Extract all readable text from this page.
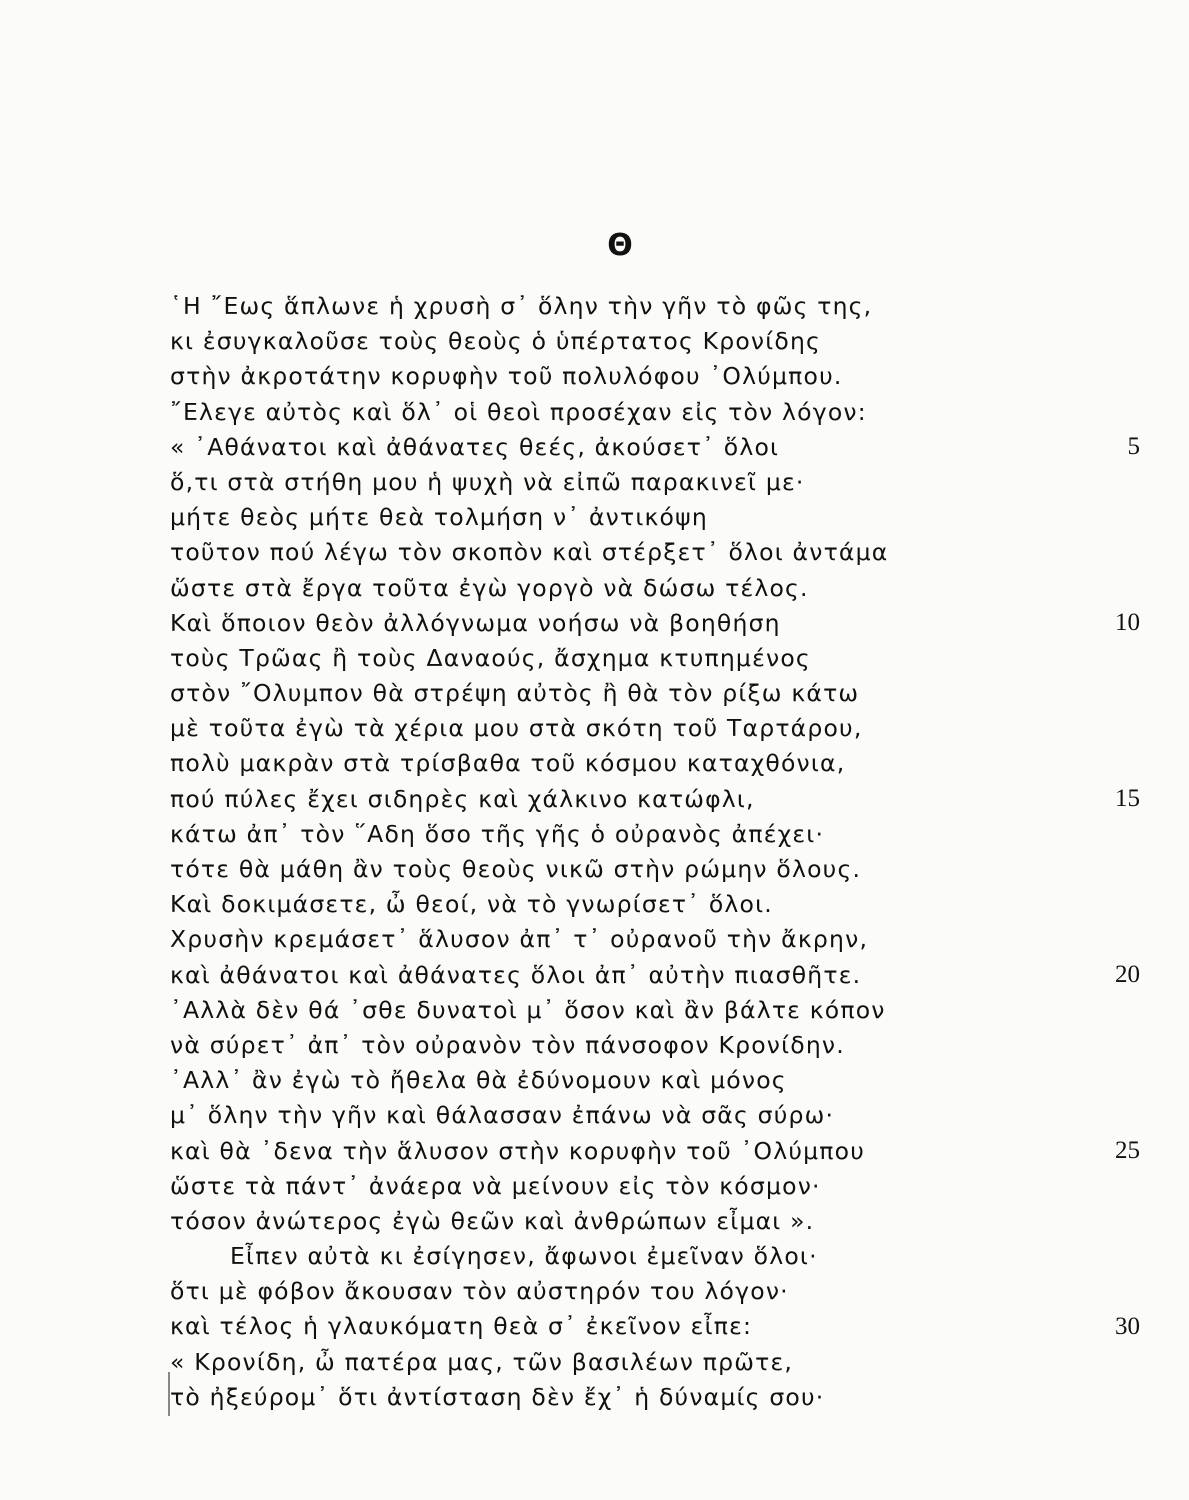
Θ
῾Η ῎Εως ἅπλωνε ἡ χρυσὴ σ᾽ ὅλην τὴν γῆν τὸ φῶς της,
κι ἐσυγκαλοῦσε τοὺς θεοὺς ὁ ὑπέρτατος Κρονίδης
στὴν ἀκροτάτην κορυφὴν τοῦ πολυλόφου ᾿Ολύμπου.
῎Ελεγε αὐτὸς καὶ ὅλ᾽ οἱ θεοὶ προσέχαν εἰς τὸν λόγον:
« ᾿Αθάνατοι καὶ ἀθάνατες θεές, ἀκούσετ᾽ ὅλοι
ὅ,τι στὰ στήθη μου ἡ ψυχὴ νὰ εἰπῶ παρακινεῖ με·
μήτε θεὸς μήτε θεὰ τολμήση ν᾽ ἀντικόψη
τοῦτον πού λέγω τὸν σκοπὸν καὶ στέρξετ᾽ ὅλοι ἀντάμα
ὥστε στὰ ἔργα τοῦτα ἐγὼ γοργὸ νὰ δώσω τέλος.
Καὶ ὅποιον θεὸν ἀλλόγνωμα νοήσω νὰ βοηθήση
τοὺς Τρῶας ἢ τοὺς Δαναούς, ἄσχημα κτυπημένος
στὸν ῎Ολυμπον θὰ στρέψη αὐτὸς ἢ θὰ τὸν ρίξω κάτω
μὲ τοῦτα ἐγὼ τὰ χέρια μου στὰ σκότη τοῦ Ταρτάρου,
πολὺ μακρὰν στὰ τρίσβαθα τοῦ κόσμου καταχθόνια,
πού πύλες ἔχει σιδηρὲς καὶ χάλκινο κατώφλι,
κάτω ἀπ᾽ τὸν ῞Αδη ὅσο τῆς γῆς ὁ οὐρανὸς ἀπέχει·
τότε θὰ μάθη ἂν τοὺς θεοὺς νικῶ στὴν ρώμην ὅλους.
Καὶ δοκιμάσετε, ὦ θεοί, νὰ τὸ γνωρίσετ᾽ ὅλοι.
Χρυσὴν κρεμάσετ᾽ ἅλυσον ἀπ᾽ τ᾽ οὐρανοῦ τὴν ἄκρην,
καὶ ἀθάνατοι καὶ ἀθάνατες ὅλοι ἀπ᾽ αὐτὴν πιασθῆτε.
᾿Αλλὰ δὲν θά ᾽σθε δυνατοὶ μ᾽ ὅσον καὶ ἂν βάλτε κόπον
νὰ σύρετ᾽ ἀπ᾽ τὸν οὐρανὸν τὸν πάνσοφον Κρονίδην.
᾿Αλλ᾽ ἂν ἐγὼ τὸ ἤθελα θὰ ἐδύνομουν καὶ μόνος
μ᾽ ὅλην τὴν γῆν καὶ θάλασσαν ἐπάνω νὰ σᾶς σύρω·
καὶ θὰ ᾽δενα τὴν ἅλυσον στὴν κορυφὴν τοῦ ᾿Ολύμπου
ὥστε τὰ πάντ᾽ ἀνάερα νὰ μείνουν εἰς τὸν κόσμον·
τόσον ἀνώτερος ἐγὼ θεῶν καὶ ἀνθρώπων εἶμαι ».
Εἶπεν αὐτὰ κι ἐσίγησεν, ἄφωνοι ἐμεῖναν ὅλοι·
ὅτι μὲ φόβον ἄκουσαν τὸν αὐστηρόν του λόγον·
καὶ τέλος ἡ γλαυκόματη θεὰ σ᾽ ἐκεῖνον εἶπε:
« Κρονίδη, ὦ πατέρα μας, τῶν βασιλέων πρῶτε,
τὸ ἠξεύρομ᾽ ὅτι ἀντίσταση δὲν ἔχ᾽ ἡ δύναμίς σου·
5
10
15
20
25
30
